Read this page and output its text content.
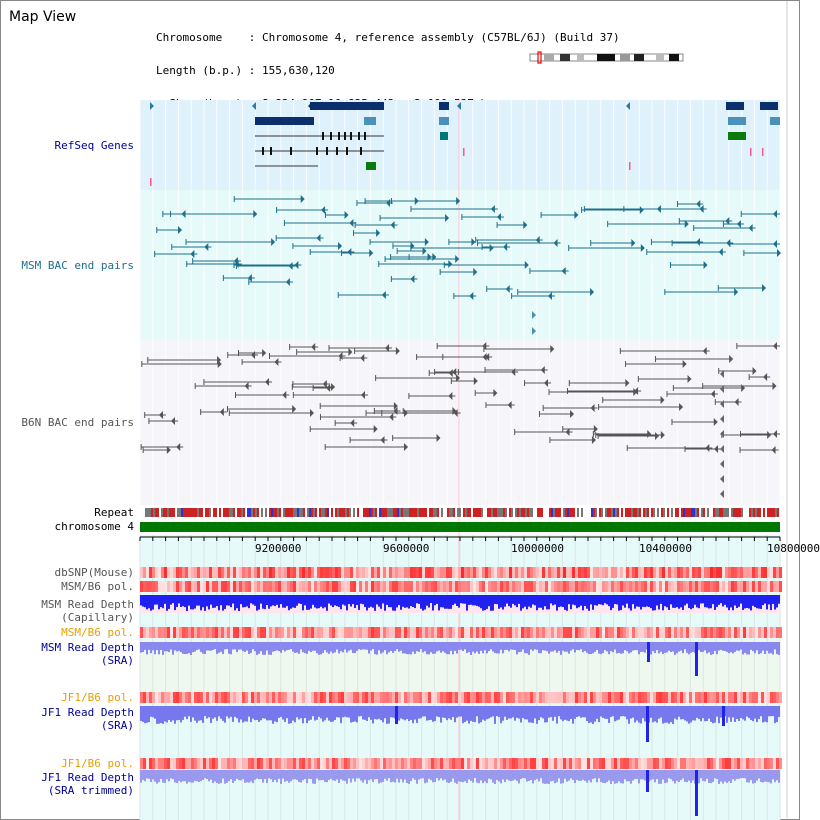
Map View

Chromosome    : Chromosome 4, reference assembly (C57BL/6J) (Build 37)

Length (b.p.) : 155,630,120

RefSeq Genes
MSM BAC end pairs
B6N BAC end pairs
Repeat
chromosome 4
dbSNP(Mouse)
MSM/B6 pol.
MSM Read Depth
(Capillary)
MSM/B6 pol.
MSM Read Depth
(SRA)
JF1/B6 pol.
JF1 Read Depth
(SRA)
JF1/B6 pol.
JF1 Read Depth
(SRA trimmed)
9200000	9600000	10000000	10400000	10800000
